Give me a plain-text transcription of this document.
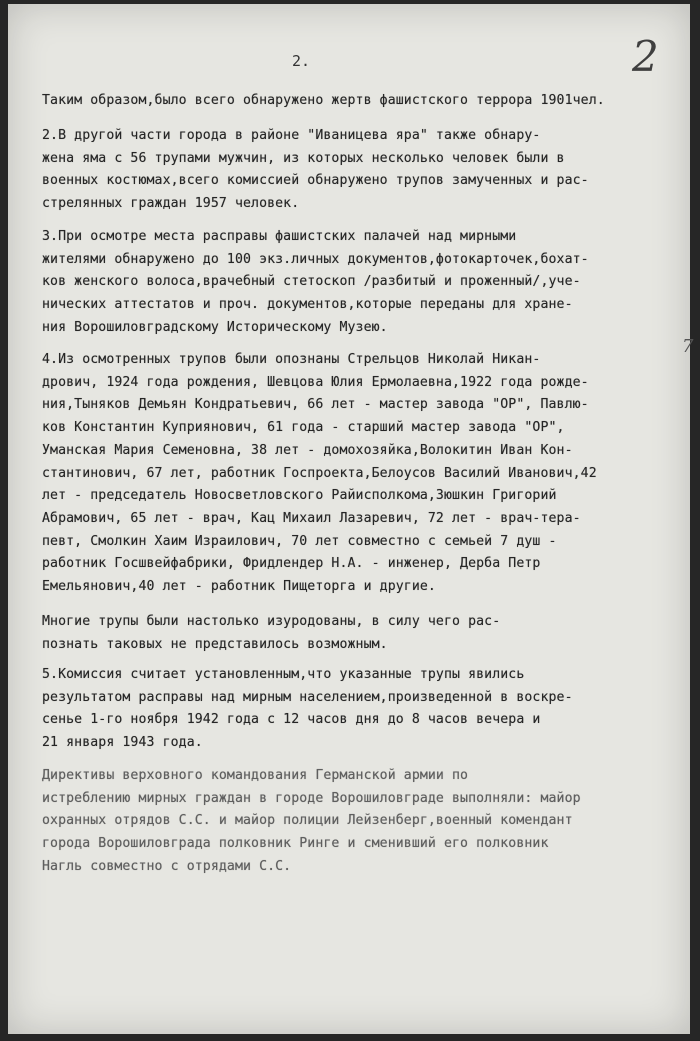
2.	2
7

Таким образом,было всего обнаружено жертв фашистского террора 1901чел.

2.В другой части города в районе "Иваницева яра" также обнару-
жена яма с 56 трупами мужчин, из которых несколько человек были в
военных костюмах,всего комиссией обнаружено трупов замученных и рас-
стрелянных граждан 1957 человек.

3.При осмотре места расправы фашистских палачей над мирными
жителями обнаружено до 100 экз.личных документов,фотокарточек,бохат-
ков женского волоса,врачебный стетоскоп /разбитый и проженный/,уче-
нических аттестатов и проч. документов,которые переданы для хране-
ния Ворошиловградскому Историческому Музею.

4.Из осмотренных трупов были опознаны Стрельцов Николай Никан-
дрович, 1924 года рождения, Шевцова Юлия Ермолаевна,1922 года рожде-
ния,Тыняков Демьян Кондратьевич, 66 лет - мастер завода "ОР", Павлю-
ков Константин Куприянович, 61 года - старший мастер завода "ОР",
Уманская Мария Семеновна, 38 лет - домохозяйка,Волокитин Иван Кон-
стантинович, 67 лет, работник Госпроекта,Белоусов Василий Иванович,42
лет - председатель Новосветловского Райисполкома,Зюшкин Григорий
Абрамович, 65 лет - врач, Кац Михаил Лазаревич, 72 лет - врач-тера-
певт, Смолкин Хаим Израилович, 70 лет совместно с семьей 7 душ -
работник Госшвейфабрики, Фридлендер Н.А. - инженер, Дерба Петр
Емельянович,40 лет - работник Пищеторга и другие.

Многие трупы были настолько изуродованы, в силу чего рас-
познать таковых не представилось возможным.

5.Комиссия считает установленным,что указанные трупы явились
результатом расправы над мирным населением,произведенной в воскре-
сенье 1-го ноября 1942 года с 12 часов дня до 8 часов вечера и
21 января 1943 года.

Директивы верховного командования Германской армии по
истреблению мирных граждан в городе Ворошиловграде выполняли: майор
охранных отрядов С.С. и майор полиции Лейзенберг,военный комендант
города Ворошиловграда полковник Ринге и сменивший его полковник
Нагль совместно с отрядами С.С.
